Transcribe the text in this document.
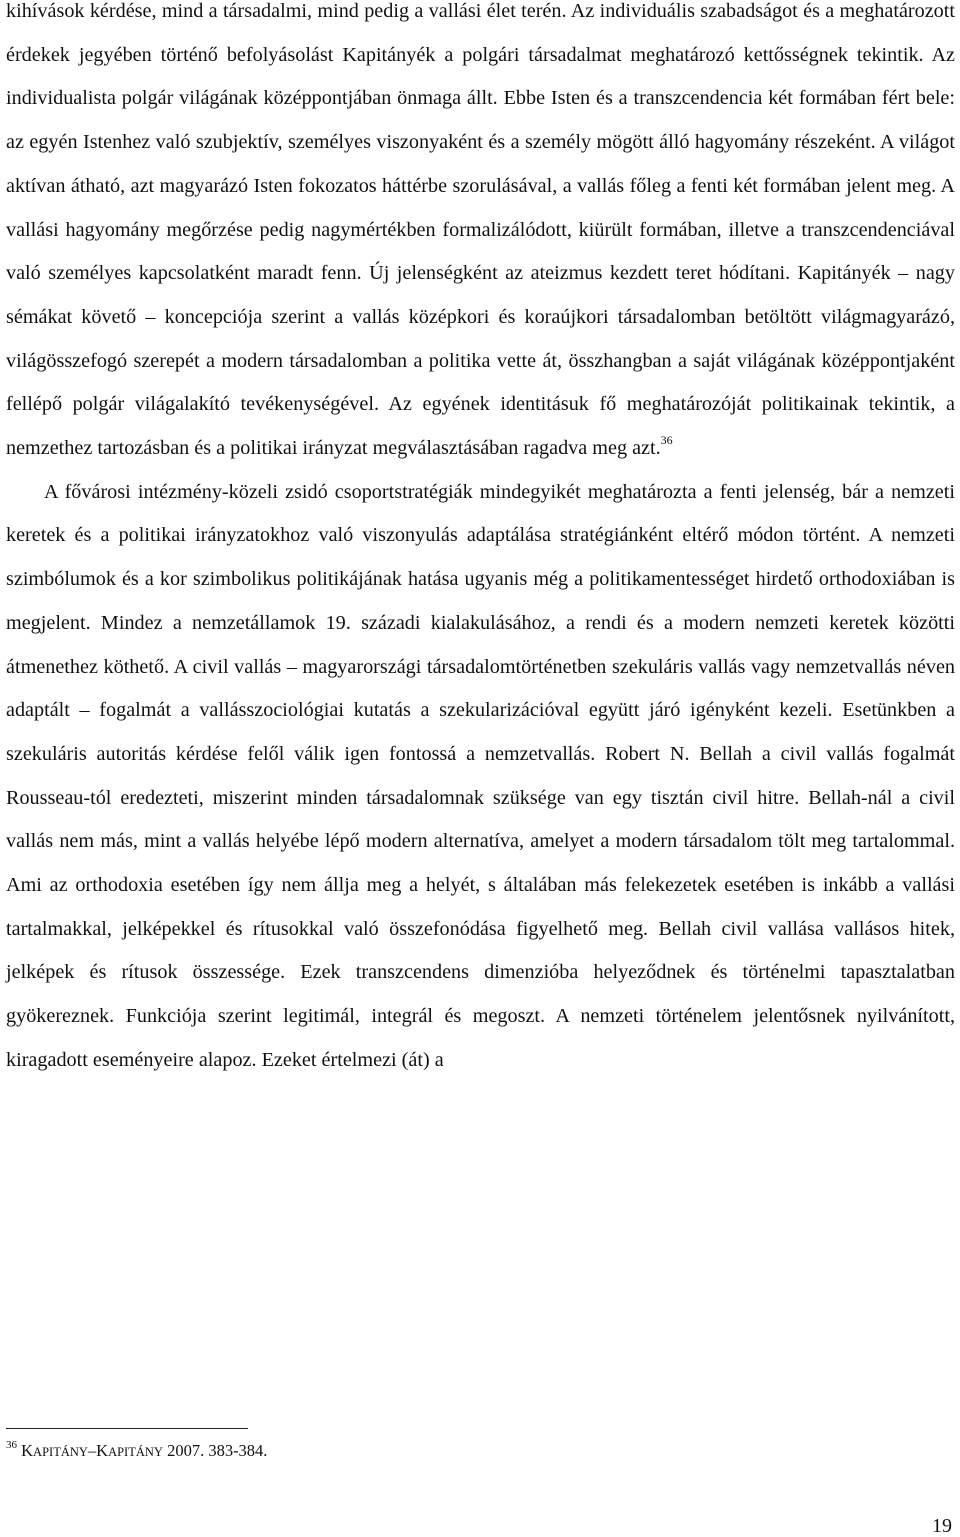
kihívások kérdése, mind a társadalmi, mind pedig a vallási élet terén. Az individuális szabadságot és a meghatározott érdekek jegyében történő befolyásolást Kapitányék a polgári társadalmat meghatározó kettősségnek tekintik. Az individualista polgár világának középpontjában önmaga állt. Ebbe Isten és a transzcendencia két formában fért bele: az egyén Istenhez való szubjektív, személyes viszonyaként és a személy mögött álló hagyomány részeként. A világot aktívan átható, azt magyarázó Isten fokozatos háttérbe szorulásával, a vallás főleg a fenti két formában jelent meg. A vallási hagyomány megőrzése pedig nagymértékben formalizálódott, kiürült formában, illetve a transzcendenciával való személyes kapcsolatként maradt fenn. Új jelenségként az ateizmus kezdett teret hódítani. Kapitányék – nagy sémákat követő – koncepciója szerint a vallás középkori és koraújkori társadalomban betöltött világmagyarázó, világösszefogó szerepét a modern társadalomban a politika vette át, összhangban a saját világának középpontjaként fellépő polgár világalakító tevékenységével. Az egyének identitásuk fő meghatározóját politikainak tekintik, a nemzethez tartozásban és a politikai irányzat megválasztásában ragadva meg azt.$^{36}$

A fővárosi intézmény-közeli zsidó csoportstratégiák mindegyikét meghatározta a fenti jelenség, bár a nemzeti keretek és a politikai irányzatokhoz való viszonyulás adaptálása stratégiánként eltérő módon történt. A nemzeti szimbólumok és a kor szimbolikus politikájának hatása ugyanis még a politikamentességet hirdető orthodoxiában is megjelent. Mindez a nemzetállamok 19. századi kialakulásához, a rendi és a modern nemzeti keretek közötti átmenethez köthető. A civil vallás – magyarországi társadalomtörténetben szekuláris vallás vagy nemzetvallás néven adaptált – fogalmát a vallásszociológiai kutatás a szekularizációval együtt járó igényként kezeli. Esetünkben a szekuláris autoritás kérdése felől válik igen fontossá a nemzetvallás. Robert N. Bellah a civil vallás fogalmát Rousseau-tól eredezteti, miszerint minden társadalomnak szüksége van egy tisztán civil hitre. Bellah-nál a civil vallás nem más, mint a vallás helyébe lépő modern alternatíva, amelyet a modern társadalom tölt meg tartalommal. Ami az orthodoxia esetében így nem állja meg a helyét, s általában más felekezetek esetében is inkább a vallási tartalmakkal, jelképekkel és rítusokkal való összefonódása figyelhető meg. Bellah civil vallása vallásos hitek, jelképek és rítusok összessége. Ezek transzcendens dimenzióba helyeződnek és történelmi tapasztalatban gyökereznek. Funkciója szerint legitimál, integrál és megoszt. A nemzeti történelem jelentősnek nyilvánított, kiragadott eseményeire alapoz. Ezeket értelmezi (át) a

$^{36}$ KAPITÁNY–KAPITÁNY 2007. 383-384.
19
